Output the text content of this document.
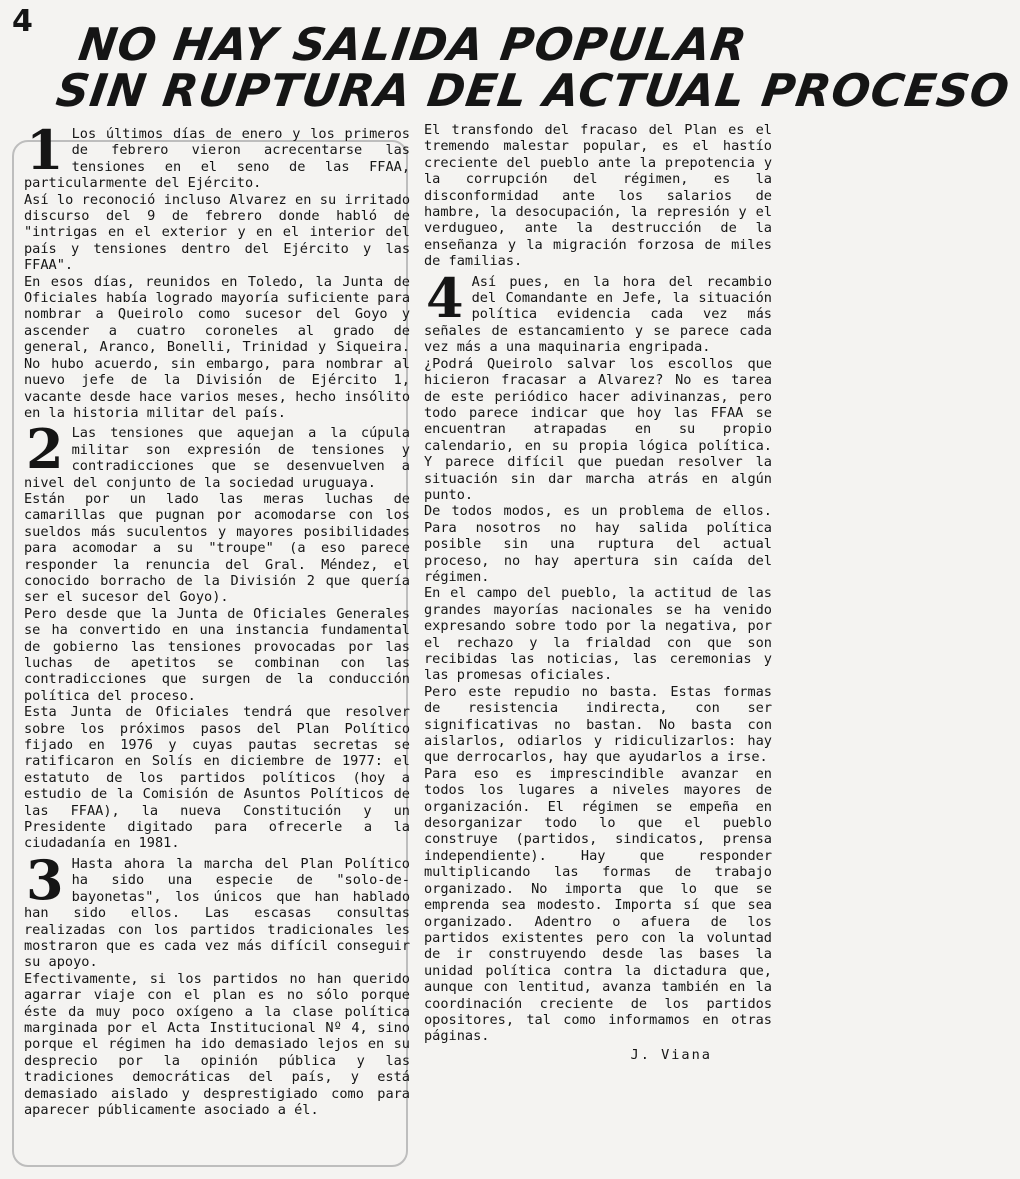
4 NO HAY SALIDA POPULAR
SIN RUPTURA DEL ACTUAL PROCESO
1 Los últimos días de enero y los primeros de febrero vieron acrecentarse las tensiones en el seno de las FFAA, particularmente del Ejército.

Así lo reconoció incluso Alvarez en su irritado discurso del 9 de febrero donde habló de "intrigas en el exterior y en el interior del país y tensiones dentro del Ejército y las FFAA".

En esos días, reunidos en Toledo, la Junta de Oficiales había logrado mayoría suficiente para nombrar a Queirolo como sucesor del Goyo y ascender a cuatro coroneles al grado de general, Aranco, Bonelli, Trinidad y Siqueira. No hubo acuerdo, sin embargo, para nombrar al nuevo jefe de la División de Ejército 1, vacante desde hace varios meses, hecho insólito en la historia militar del país.

2 Las tensiones que aquejan a la cúpula militar son expresión de tensiones y contradicciones que se desenvuelven a nivel del conjunto de la sociedad uruguaya.

Están por un lado las meras luchas de camarillas que pugnan por acomodarse con los sueldos más suculentos y mayores posibilidades para acomodar a su "troupe" (a eso parece responder la renuncia del Gral. Méndez, el conocido borracho de la División 2 que quería ser el sucesor del Goyo).

Pero desde que la Junta de Oficiales Generales se ha convertido en una instancia fundamental de gobierno las tensiones provocadas por las luchas de apetitos se combinan con las contradicciones que surgen de la conducción política del proceso.

Esta Junta de Oficiales tendrá que resolver sobre los próximos pasos del Plan Político fijado en 1976 y cuyas pautas secretas se ratificaron en Solís en diciembre de 1977: el estatuto de los partidos políticos (hoy a estudio de la Comisión de Asuntos Políticos de las FFAA), la nueva Constitución y un Presidente digitado para ofrecerle a la ciudadanía en 1981.

3 Hasta ahora la marcha del Plan Político ha sido una especie de "solo-de-bayonetas", los únicos que han hablado han sido ellos. Las escasas consultas realizadas con los partidos tradicionales les mostraron que es cada vez más difícil conseguir su apoyo.

Efectivamente, si los partidos no han querido agarrar viaje con el plan es no sólo porque éste da muy poco oxígeno a la clase política marginada por el Acta Institucional Nº 4, sino porque el régimen ha ido demasiado lejos en su desprecio por la opinión pública y las tradiciones democráticas del país, y está demasiado aislado y desprestigiado como para aparecer públicamente asociado a él.

El transfondo del fracaso del Plan es el tremendo malestar popular, es el hastío creciente del pueblo ante la prepotencia y la corrupción del régimen, es la disconformidad ante los salarios de hambre, la desocupación, la represión y el verdugueo, ante la destrucción de la enseñanza y la migración forzosa de miles de familias.

4 Así pues, en la hora del recambio del Comandante en Jefe, la situación política evidencia cada vez más señales de estancamiento y se parece cada vez más a una maquinaria engripada.

¿Podrá Queirolo salvar los escollos que hicieron fracasar a Alvarez? No es tarea de este periódico hacer adivinanzas, pero todo parece indicar que hoy las FFAA se encuentran atrapadas en su propio calendario, en su propia lógica política. Y parece difícil que puedan resolver la situación sin dar marcha atrás en algún punto.

De todos modos, es un problema de ellos. Para nosotros no hay salida política posible sin una ruptura del actual proceso, no hay apertura sin caída del régimen.

En el campo del pueblo, la actitud de las grandes mayorías nacionales se ha venido expresando sobre todo por la negativa, por el rechazo y la frialdad con que son recibidas las noticias, las ceremonias y las promesas oficiales.

Pero este repudio no basta. Estas formas de resistencia indirecta, con ser significativas no bastan. No basta con aislarlos, odiarlos y ridiculizarlos: hay que derrocarlos, hay que ayudarlos a irse.

Para eso es imprescindible avanzar en todos los lugares a niveles mayores de organización. El régimen se empeña en desorganizar todo lo que el pueblo construye (partidos, sindicatos, prensa independiente). Hay que responder multiplicando las formas de trabajo organizado. No importa que lo que se emprenda sea modesto. Importa sí que sea organizado. Adentro o afuera de los partidos existentes pero con la voluntad de ir construyendo desde las bases la unidad política contra la dictadura que, aunque con lentitud, avanza también en la coordinación creciente de los partidos opositores, tal como informamos en otras páginas.

J. Viana
